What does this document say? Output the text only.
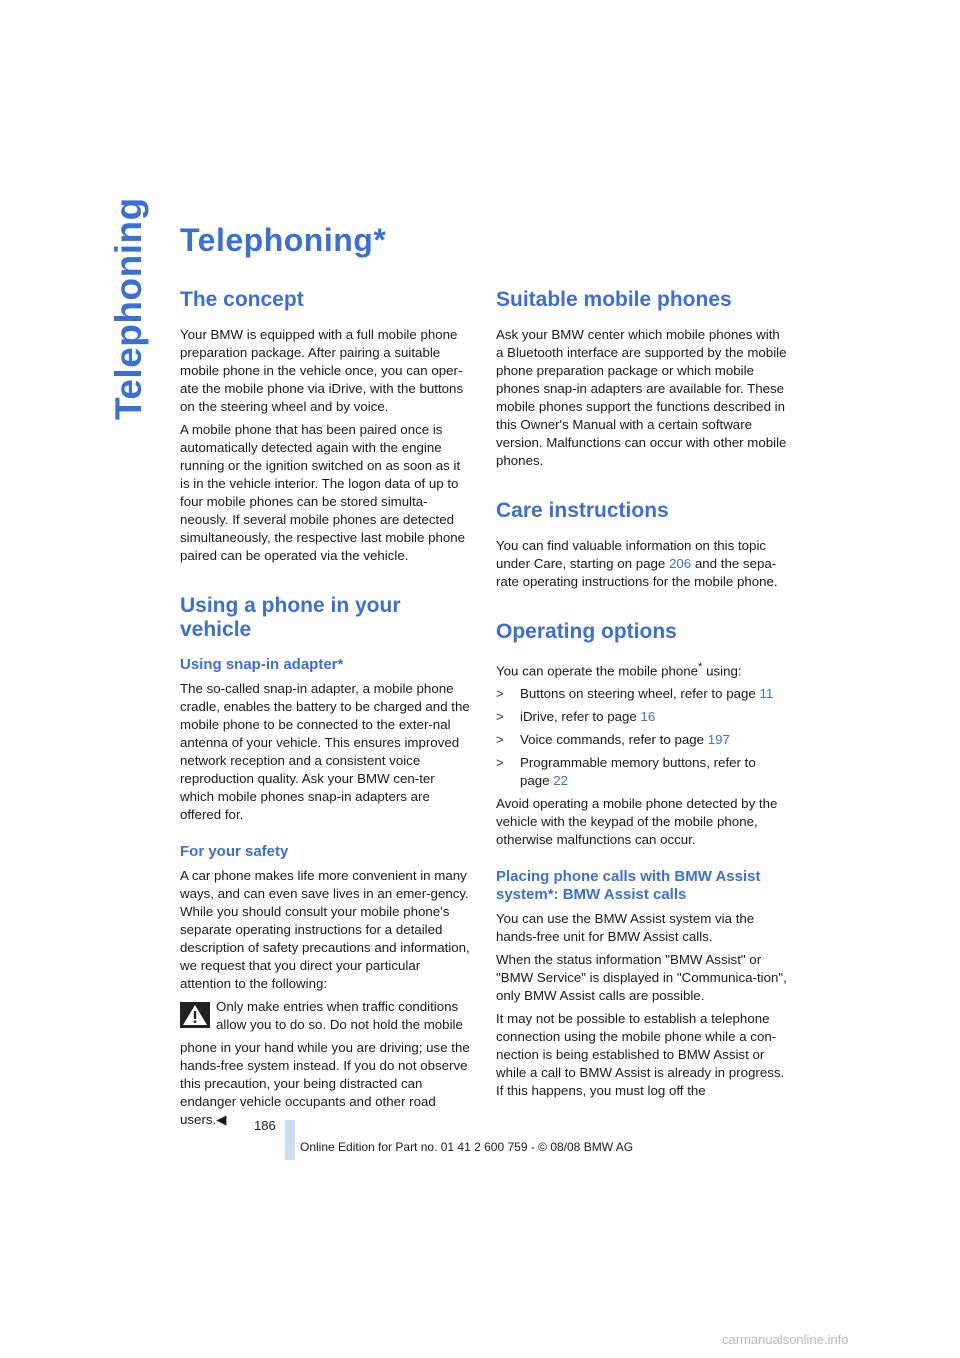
Telephoning Telephoning*
The concept

Your BMW is equipped with a full mobile phone preparation package. After pairing a suitable mobile phone in the vehicle once, you can oper-ate the mobile phone via iDrive, with the buttons on the steering wheel and by voice.

A mobile phone that has been paired once is automatically detected again with the engine running or the ignition switched on as soon as it is in the vehicle interior. The logon data of up to four mobile phones can be stored simulta-neously. If several mobile phones are detected simultaneously, the respective last mobile phone paired can be operated via the vehicle.

Using a phone in your vehicle
Using snap-in adapter*

The so-called snap-in adapter, a mobile phone cradle, enables the battery to be charged and the mobile phone to be connected to the exter-nal antenna of your vehicle. This ensures improved network reception and a consistent voice reproduction quality. Ask your BMW cen-ter which mobile phones snap-in adapters are offered for.

For your safety

A car phone makes life more convenient in many ways, and can even save lives in an emer-gency. While you should consult your mobile phone's separate operating instructions for a detailed description of safety precautions and information, we request that you direct your particular attention to the following:

Only make entries when traffic conditions allow you to do so. Do not hold the mobile

phone in your hand while you are driving; use the hands-free system instead. If you do not observe this precaution, your being distracted can endanger vehicle occupants and other road users.◀

Suitable mobile phones

Ask your BMW center which mobile phones with a Bluetooth interface are supported by the mobile phone preparation package or which mobile phones snap-in adapters are available for. These mobile phones support the functions described in this Owner's Manual with a certain software version. Malfunctions can occur with other mobile phones.

Care instructions

You can find valuable information on this topic under Care, starting on page 206 and the sepa-rate operating instructions for the mobile phone.

Operating options

You can operate the mobile phone* using:

> Buttons on steering wheel, refer to page 11
> iDrive, refer to page 16
> Voice commands, refer to page 197
> Programmable memory buttons, refer to page 22

Avoid operating a mobile phone detected by the vehicle with the keypad of the mobile phone, otherwise malfunctions can occur.

Placing phone calls with BMW Assist system*: BMW Assist calls

You can use the BMW Assist system via the hands-free unit for BMW Assist calls.

When the status information "BMW Assist" or "BMW Service" is displayed in "Communica-tion", only BMW Assist calls are possible.

It may not be possible to establish a telephone connection using the mobile phone while a con-nection is being established to BMW Assist or while a call to BMW Assist is already in progress. If this happens, you must log off the

186
Online Edition for Part no. 01 41 2 600 759 - © 08/08 BMW AG
carmanualsonline.info
